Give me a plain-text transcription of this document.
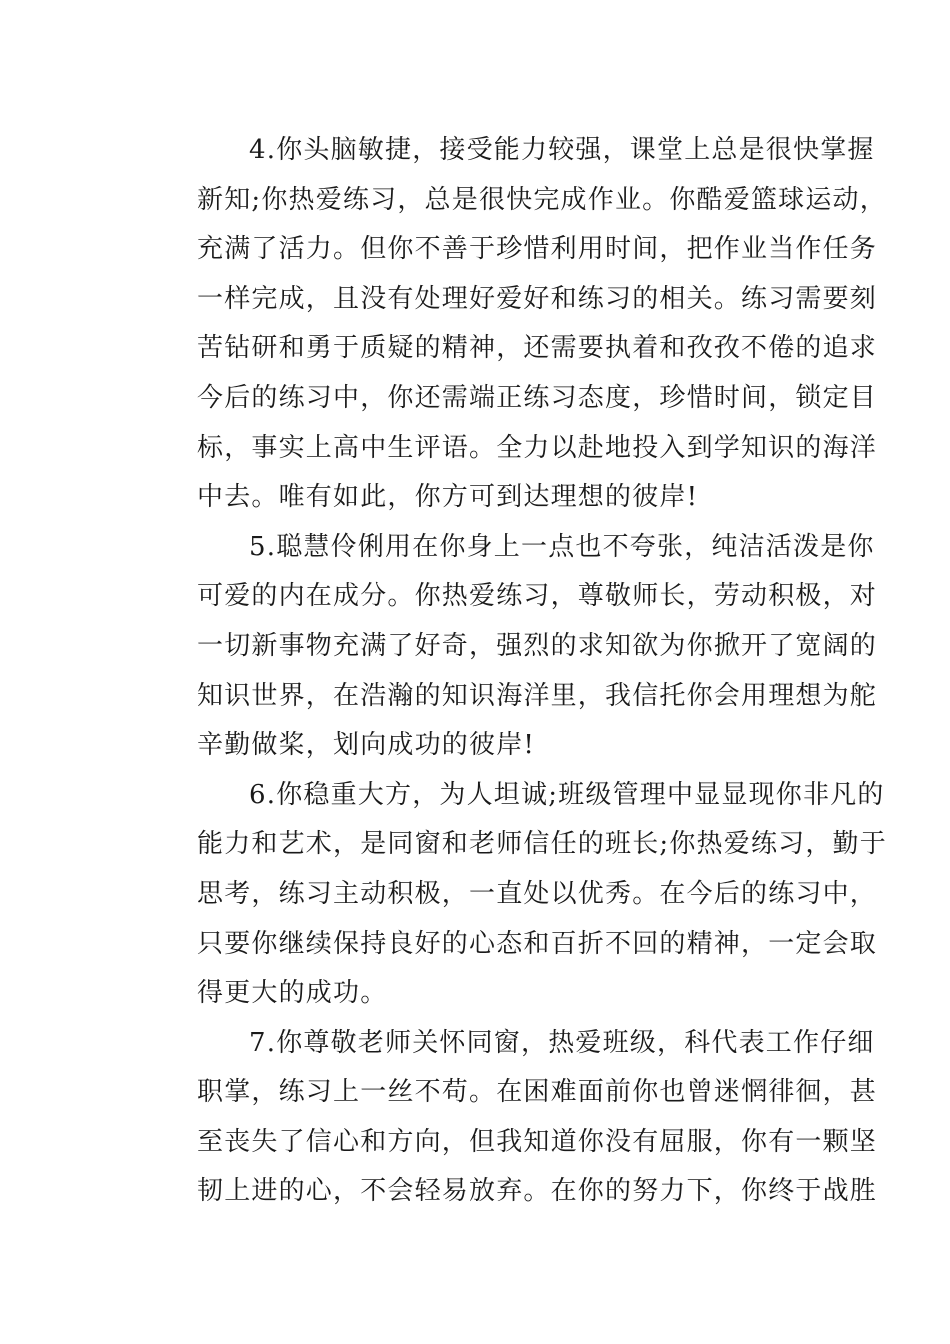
4.你头脑敏捷，接受能力较强，课堂上总是很快掌握
新知;你热爱练习，总是很快完成作业。你酷爱篮球运动，
充满了活力。但你不善于珍惜利用时间，把作业当作任务
一样完成，且没有处理好爱好和练习的相关。练习需要刻
苦钻研和勇于质疑的精神，还需要执着和孜孜不倦的追求
今后的练习中，你还需端正练习态度，珍惜时间，锁定目
标，事实上高中生评语。全力以赴地投入到学知识的海洋
中去。唯有如此，你方可到达理想的彼岸!
5.聪慧伶俐用在你身上一点也不夸张，纯洁活泼是你
可爱的内在成分。你热爱练习，尊敬师长，劳动积极，对
一切新事物充满了好奇，强烈的求知欲为你掀开了宽阔的
知识世界，在浩瀚的知识海洋里，我信托你会用理想为舵
辛勤做桨，划向成功的彼岸!
6.你稳重大方，为人坦诚;班级管理中显显现你非凡的
能力和艺术，是同窗和老师信任的班长;你热爱练习，勤于
思考，练习主动积极，一直处以优秀。在今后的练习中，
只要你继续保持良好的心态和百折不回的精神，一定会取
得更大的成功。
7.你尊敬老师关怀同窗，热爱班级，科代表工作仔细
职掌，练习上一丝不苟。在困难面前你也曾迷惘徘徊，甚
至丧失了信心和方向，但我知道你没有屈服，你有一颗坚
韧上进的心，不会轻易放弃。在你的努力下，你终于战胜
